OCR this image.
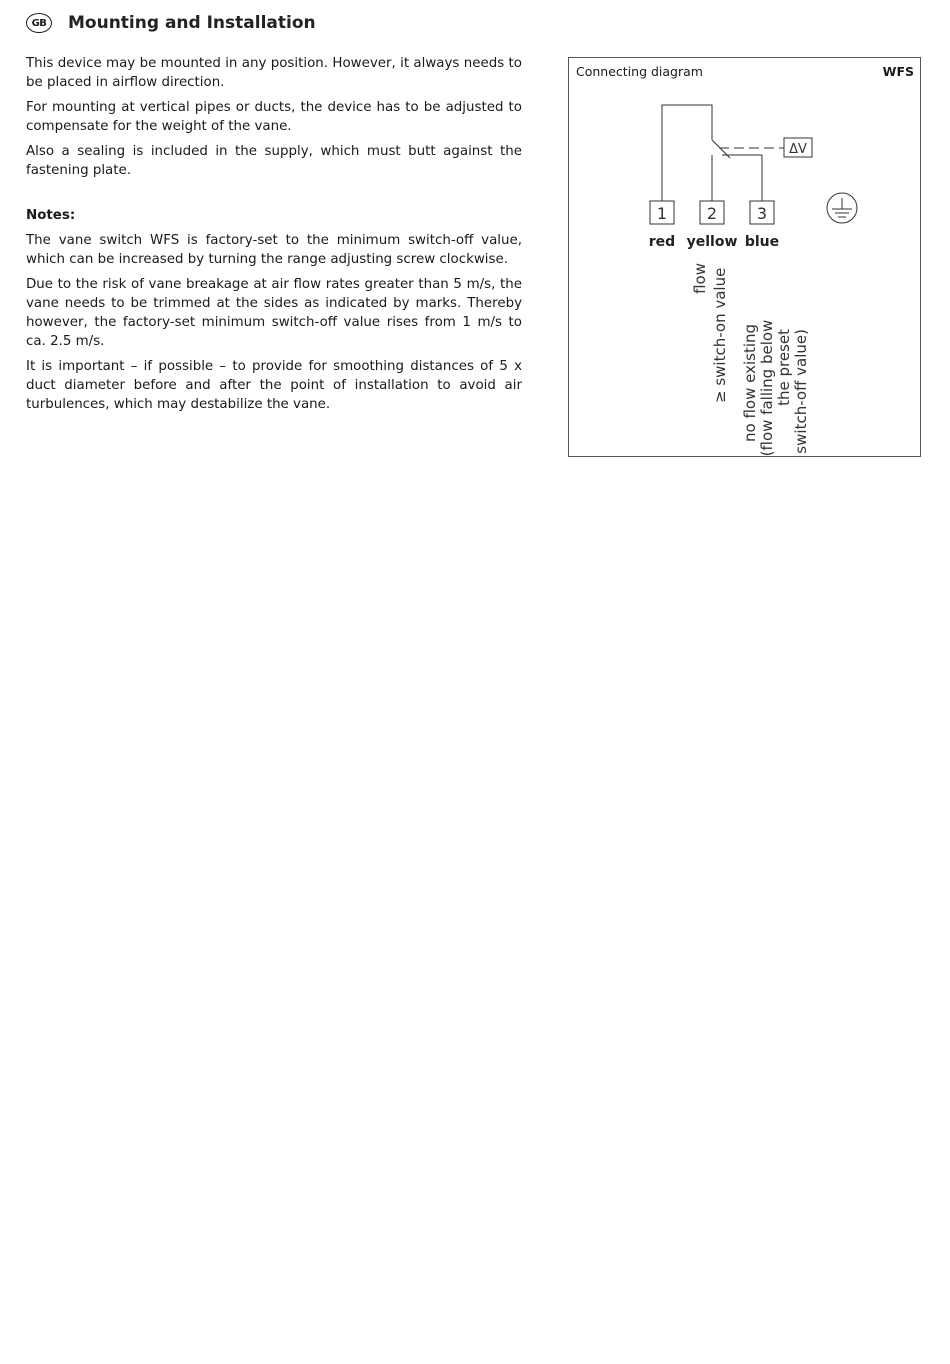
GB	Mounting and Installation

This device may be mounted in any position. However, it always needs to be placed in airflow direction.

For mounting at vertical pipes or ducts, the device has to be adjusted to compensate for the weight of the vane.

Also a sealing is included in the supply, which must butt against the fastening plate.

Notes:

The vane switch WFS is factory-set to the minimum switch-off value, which can be increased by turning the range adjusting screw clockwise.

Due to the risk of vane breakage at air flow rates greater than 5 m/s, the vane needs to be trimmed at the sides as indicated by marks. Thereby however, the factory-set minimum switch-off value rises from 1 m/s to ca. 2.5 m/s.

It is important – if possible – to provide for smoothing distances of 5 x duct diameter before and after the point of installation to avoid air turbulences, which may destabilize the vane.

Connecting diagram	WFS
ΔV
1 2 3
red yellow blue
flow ≥ switch-on value no flow existing (flow falling below the preset switch-off value)
